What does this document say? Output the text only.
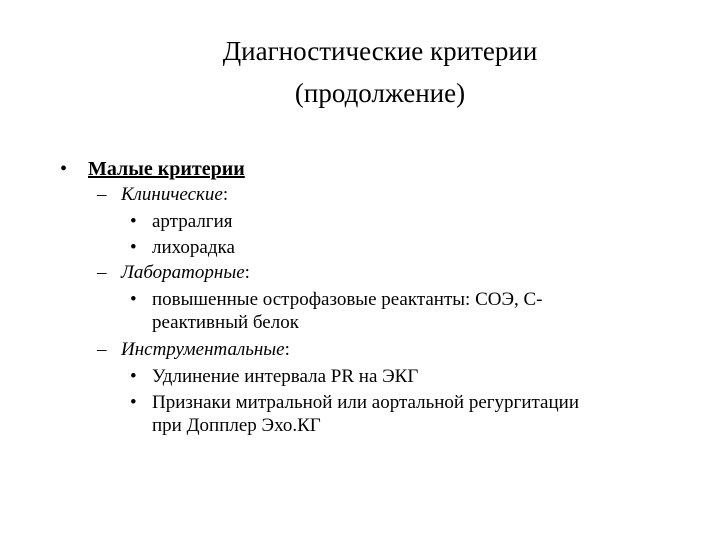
Диагностические критерии
(продолжение)
• Малые критерии
– Клинические:
• артралгия
• лихорадка
– Лабораторные:
• повышенные острофазовые реактанты: СОЭ, С-
реактивный белок
– Инструментальные:
• Удлинение интервала PR на ЭКГ
• Признаки митральной или аортальной регургитации
при Допплер Эхо.КГ
